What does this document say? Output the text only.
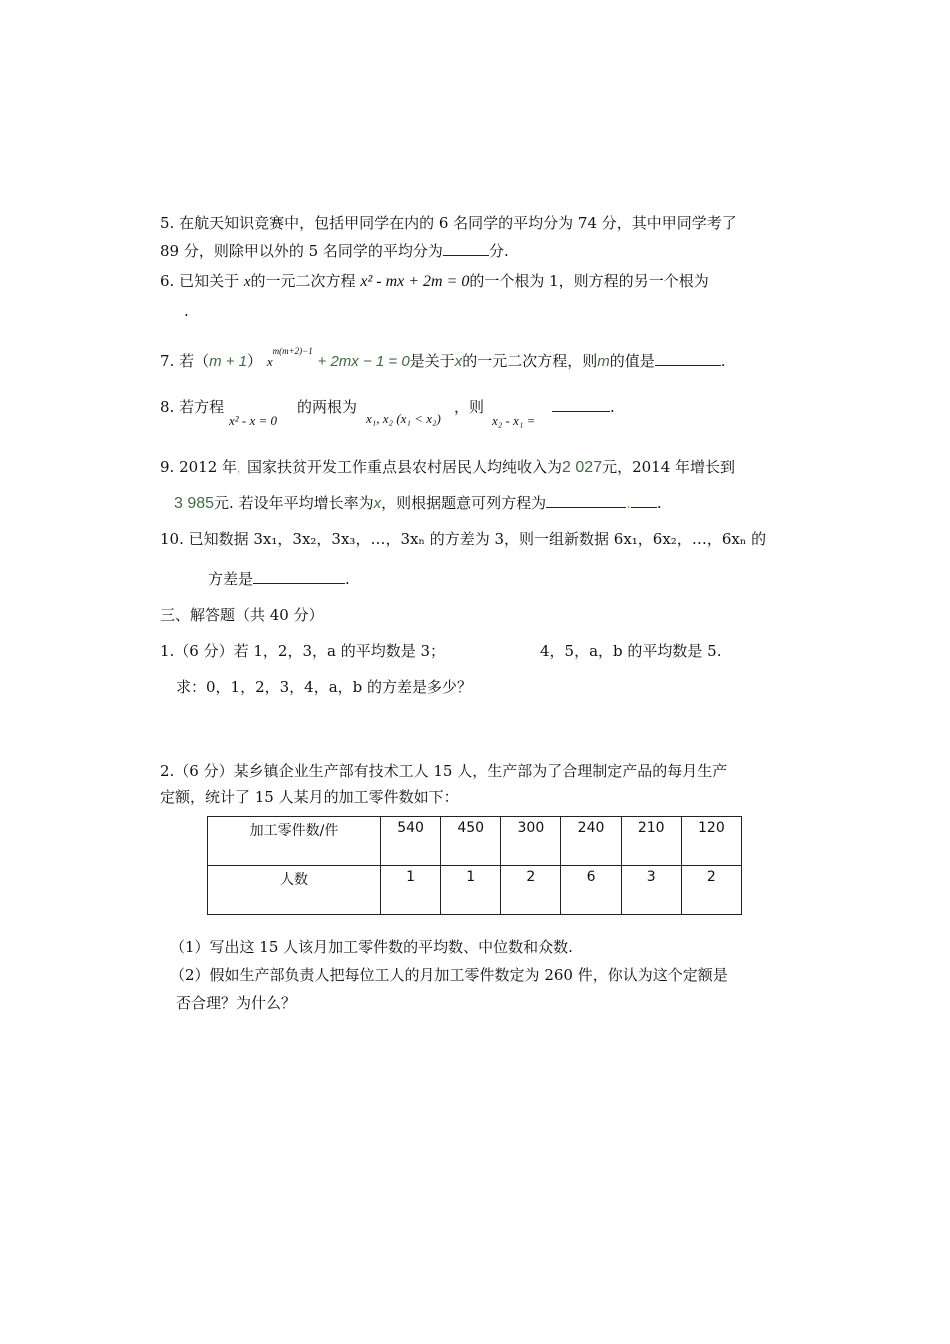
5. 在航天知识竞赛中，包括甲同学在内的 6 名同学的平均分为 74 分，其中甲同学考了
89 分，则除甲以外的 5 名同学的平均分为	分.
6. 已知关于 x的一元二次方程 x² - mx + 2m = 0的一个根为 1，则方程的另一个根为
.
7. 若（m + 1） $x^{m(m+2)-1} + 2mx - 1 = 0$是关于x的一元二次方程，则m的值是	.
8. 若方程
x² - x = 0
的两根为
x₁, x₂ (x₁ < x₂)
，则
x₂ - x₁ =
.
9. 2012 年，国家扶贫开发工作重点县农村居民人均纯收入为2 027元，2014 年增长到
3 985元. 若设年平均增长率为x，则根据题意可列方程为	. .
10. 已知数据 3x₁，3x₂，3x₃，…，3xₙ 的方差为 3，则一组新数据 6x₁，6x₂，…，6xₙ 的
方差是	.
三、解答题（共 40 分）
1.（6 分）若 1，2，3，a 的平均数是 3；	4，5，a，b 的平均数是 5.
求：0，1，2，3，4，a，b 的方差是多少？
2.（6 分）某乡镇企业生产部有技术工人 15 人，生产部为了合理制定产品的每月生产
定额，统计了 15 人某月的加工零件数如下：
加工零件数/件	540	450	300	240	210	120
人数	1	1	2	6	3	2
（1）写出这 15 人该月加工零件数的平均数、中位数和众数.
（2）假如生产部负责人把每位工人的月加工零件数定为 260 件，你认为这个定额是
否合理？为什么？
